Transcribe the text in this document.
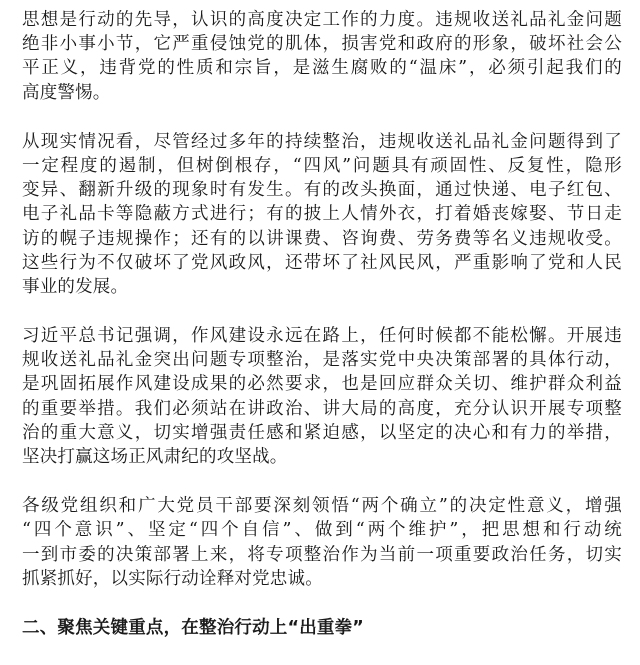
思想是行动的先导，认识的高度决定工作的力度。违规收送礼品礼金问题
绝非小事小节，它严重侵蚀党的肌体，损害党和政府的形象，破坏社会公
平正义，违背党的性质和宗旨，是滋生腐败的“温床”，必须引起我们的
高度警惕。
从现实情况看，尽管经过多年的持续整治，违规收送礼品礼金问题得到了
一定程度的遏制，但树倒根存，“四风”问题具有顽固性、反复性，隐形
变异、翻新升级的现象时有发生。有的改头换面，通过快递、电子红包、
电子礼品卡等隐蔽方式进行；有的披上人情外衣，打着婚丧嫁娶、节日走
访的幌子违规操作；还有的以讲课费、咨询费、劳务费等名义违规收受。
这些行为不仅破坏了党风政风，还带坏了社风民风，严重影响了党和人民
事业的发展。
习近平总书记强调，作风建设永远在路上，任何时候都不能松懈。开展违
规收送礼品礼金突出问题专项整治，是落实党中央决策部署的具体行动，
是巩固拓展作风建设成果的必然要求，也是回应群众关切、维护群众利益
的重要举措。我们必须站在讲政治、讲大局的高度，充分认识开展专项整
治的重大意义，切实增强责任感和紧迫感，以坚定的决心和有力的举措，
坚决打赢这场正风肃纪的攻坚战。
各级党组织和广大党员干部要深刻领悟“两个确立”的决定性意义，增强
“四个意识”、坚定“四个自信”、做到“两个维护”，把思想和行动统
一到市委的决策部署上来，将专项整治作为当前一项重要政治任务，切实
抓紧抓好，以实际行动诠释对党忠诚。
二、聚焦关键重点，在整治行动上“出重拳”
